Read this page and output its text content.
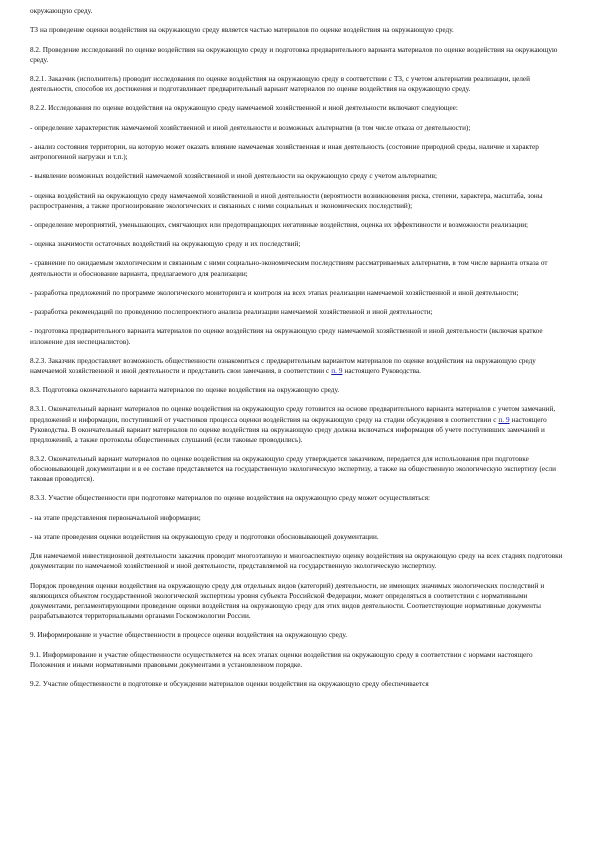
окружающую среду.

ТЗ на проведение оценки воздействия на окружающую среду является частью материалов по оценке воздействия на окружающую среду.

8.2. Проведение исследований по оценке воздействия на окружающую среду и подготовка предварительного варианта материалов по оценке воздействия на окружающую среду.

8.2.1. Заказчик (исполнитель) проводит исследования по оценке воздействия на окружающую среду в соответствии с ТЗ, с учетом альтернатив реализации, целей деятельности, способов их достижения и подготавливает предварительный вариант материалов по оценке воздействия на окружающую среду.

8.2.2. Исследования по оценке воздействия на окружающую среду намечаемой хозяйственной и иной деятельности включают следующее:

- определение характеристик намечаемой хозяйственной и иной деятельности и возможных альтернатив (в том числе отказа от деятельности);

- анализ состояния территории, на которую может оказать влияние намечаемая хозяйственная и иная деятельность (состояние природной среды, наличие и характер антропогенной нагрузки и т.п.);

- выявление возможных воздействий намечаемой хозяйственной и иной деятельности на окружающую среду с учетом альтернатив;

- оценка воздействий на окружающую среду намечаемой хозяйственной и иной деятельности (вероятности возникновения риска, степени, характера, масштаба, зоны распространения, а также прогнозирование экологических и связанных с ними социальных и экономических последствий);

- определение мероприятий, уменьшающих, смягчающих или предотвращающих негативные воздействия, оценка их эффективности и возможности реализации;

- оценка значимости остаточных воздействий на окружающую среду и их последствий;

- сравнение по ожидаемым экологическим и связанным с ними социально-экономическим последствиям рассматриваемых альтернатив, в том числе варианта отказа от деятельности и обоснование варианта, предлагаемого для реализации;

- разработка предложений по программе экологического мониторинга и контроля на всех этапах реализации намечаемой хозяйственной и иной деятельности;

- разработка рекомендаций по проведению послепроектного анализа реализации намечаемой хозяйственной и иной деятельности;

- подготовка предварительного варианта материалов по оценке воздействия на окружающую среду намечаемой хозяйственной и иной деятельности (включая краткое изложение для неспециалистов).

8.2.3. Заказчик предоставляет возможность общественности ознакомиться с предварительным вариантом материалов по оценке воздействия на окружающую среду намечаемой хозяйственной и иной деятельности и представить свои замечания, в соответствии с п. 9 настоящего Руководства.

8.3. Подготовка окончательного варианта материалов по оценке воздействия на окружающую среду.

8.3.1. Окончательный вариант материалов по оценке воздействия на окружающую среду готовится на основе предварительного варианта материалов с учетом замечаний, предложений и информации, поступившей от участников процесса оценки воздействия на окружающую среду на стадии обсуждения в соответствии с п. 9 настоящего Руководства. В окончательный вариант материалов по оценке воздействия на окружающую среду должна включаться информация об учете поступивших замечаний и предложений, а также протоколы общественных слушаний (если таковые проводились).

8.3.2. Окончательный вариант материалов по оценке воздействия на окружающую среду утверждается заказчиком, передается для использования при подготовке обосновывающей документации и в ее составе представляется на государственную экологическую экспертизу, а также на общественную экологическую экспертизу (если таковая проводится).

8.3.3. Участие общественности при подготовке материалов по оценке воздействия на окружающую среду может осуществляться:

- на этапе представления первоначальной информации;

- на этапе проведения оценки воздействия на окружающую среду и подготовки обосновывающей документации.

Для намечаемой инвестиционной деятельности заказчик проводит многоэтапную и многоаспектную оценку воздействия на окружающую среду на всех стадиях подготовки документации по намечаемой хозяйственной и иной деятельности, представляемой на государственную экологическую экспертизу.

Порядок проведения оценки воздействия на окружающую среду для отдельных видов (категорий) деятельности, не имеющих значимых экологических последствий и являющихся объектом государственной экологической экспертизы уровня субъекта Российской Федерации, может определяться в соответствии с нормативными документами, регламентирующими проведение оценки воздействия на окружающую среду для этих видов деятельности. Соответствующие нормативные документы разрабатываются территориальными органами Госкомэкологии России.

9. Информирование и участие общественности в процессе оценки воздействия на окружающую среду.

9.1. Информирование и участие общественности осуществляется на всех этапах оценки воздействия на окружающую среду в соответствии с нормами настоящего Положения и иными нормативными правовыми документами в установленном порядке.

9.2. Участие общественности в подготовке и обсуждении материалов оценки воздействия на окружающую среду обеспечивается
